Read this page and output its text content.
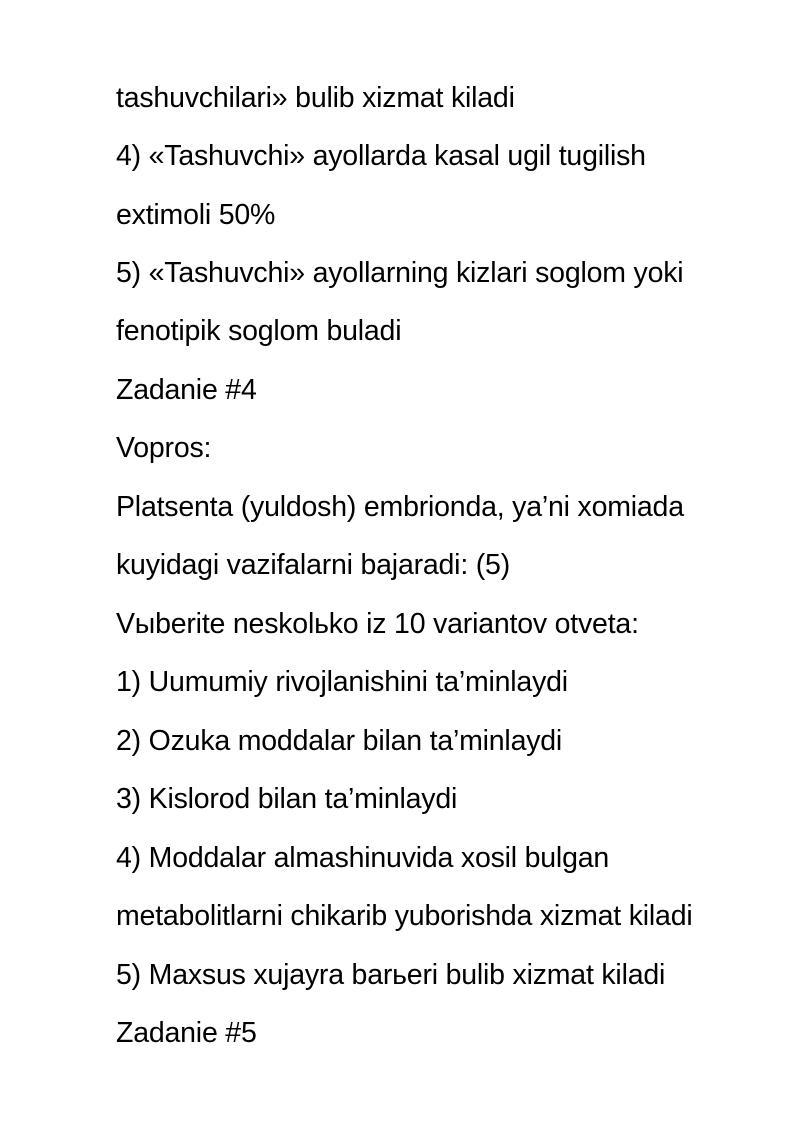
tashuvchilari» bulib xizmat kiladi

4) «Tashuvchi» ayollarda kasal ugil tugilish

extimoli 50%

5) «Tashuvchi» ayollarning kizlari soglom yoki

fenotipik soglom buladi

Zadanie #4

Vopros:

Platsenta (yuldosh) embrionda, ya’ni xomiada

kuyidagi vazifalarni bajaradi: (5)

Vыberite neskolьko iz 10 variantov otveta:

1) Uumumiy rivojlanishini ta’minlaydi

2) Ozuka moddalar bilan ta’minlaydi

3) Kislorod bilan ta’minlaydi

4) Moddalar almashinuvida xosil bulgan

metabolitlarni chikarib yuborishda xizmat kiladi

5) Maxsus xujayra barьeri bulib xizmat kiladi

Zadanie #5
